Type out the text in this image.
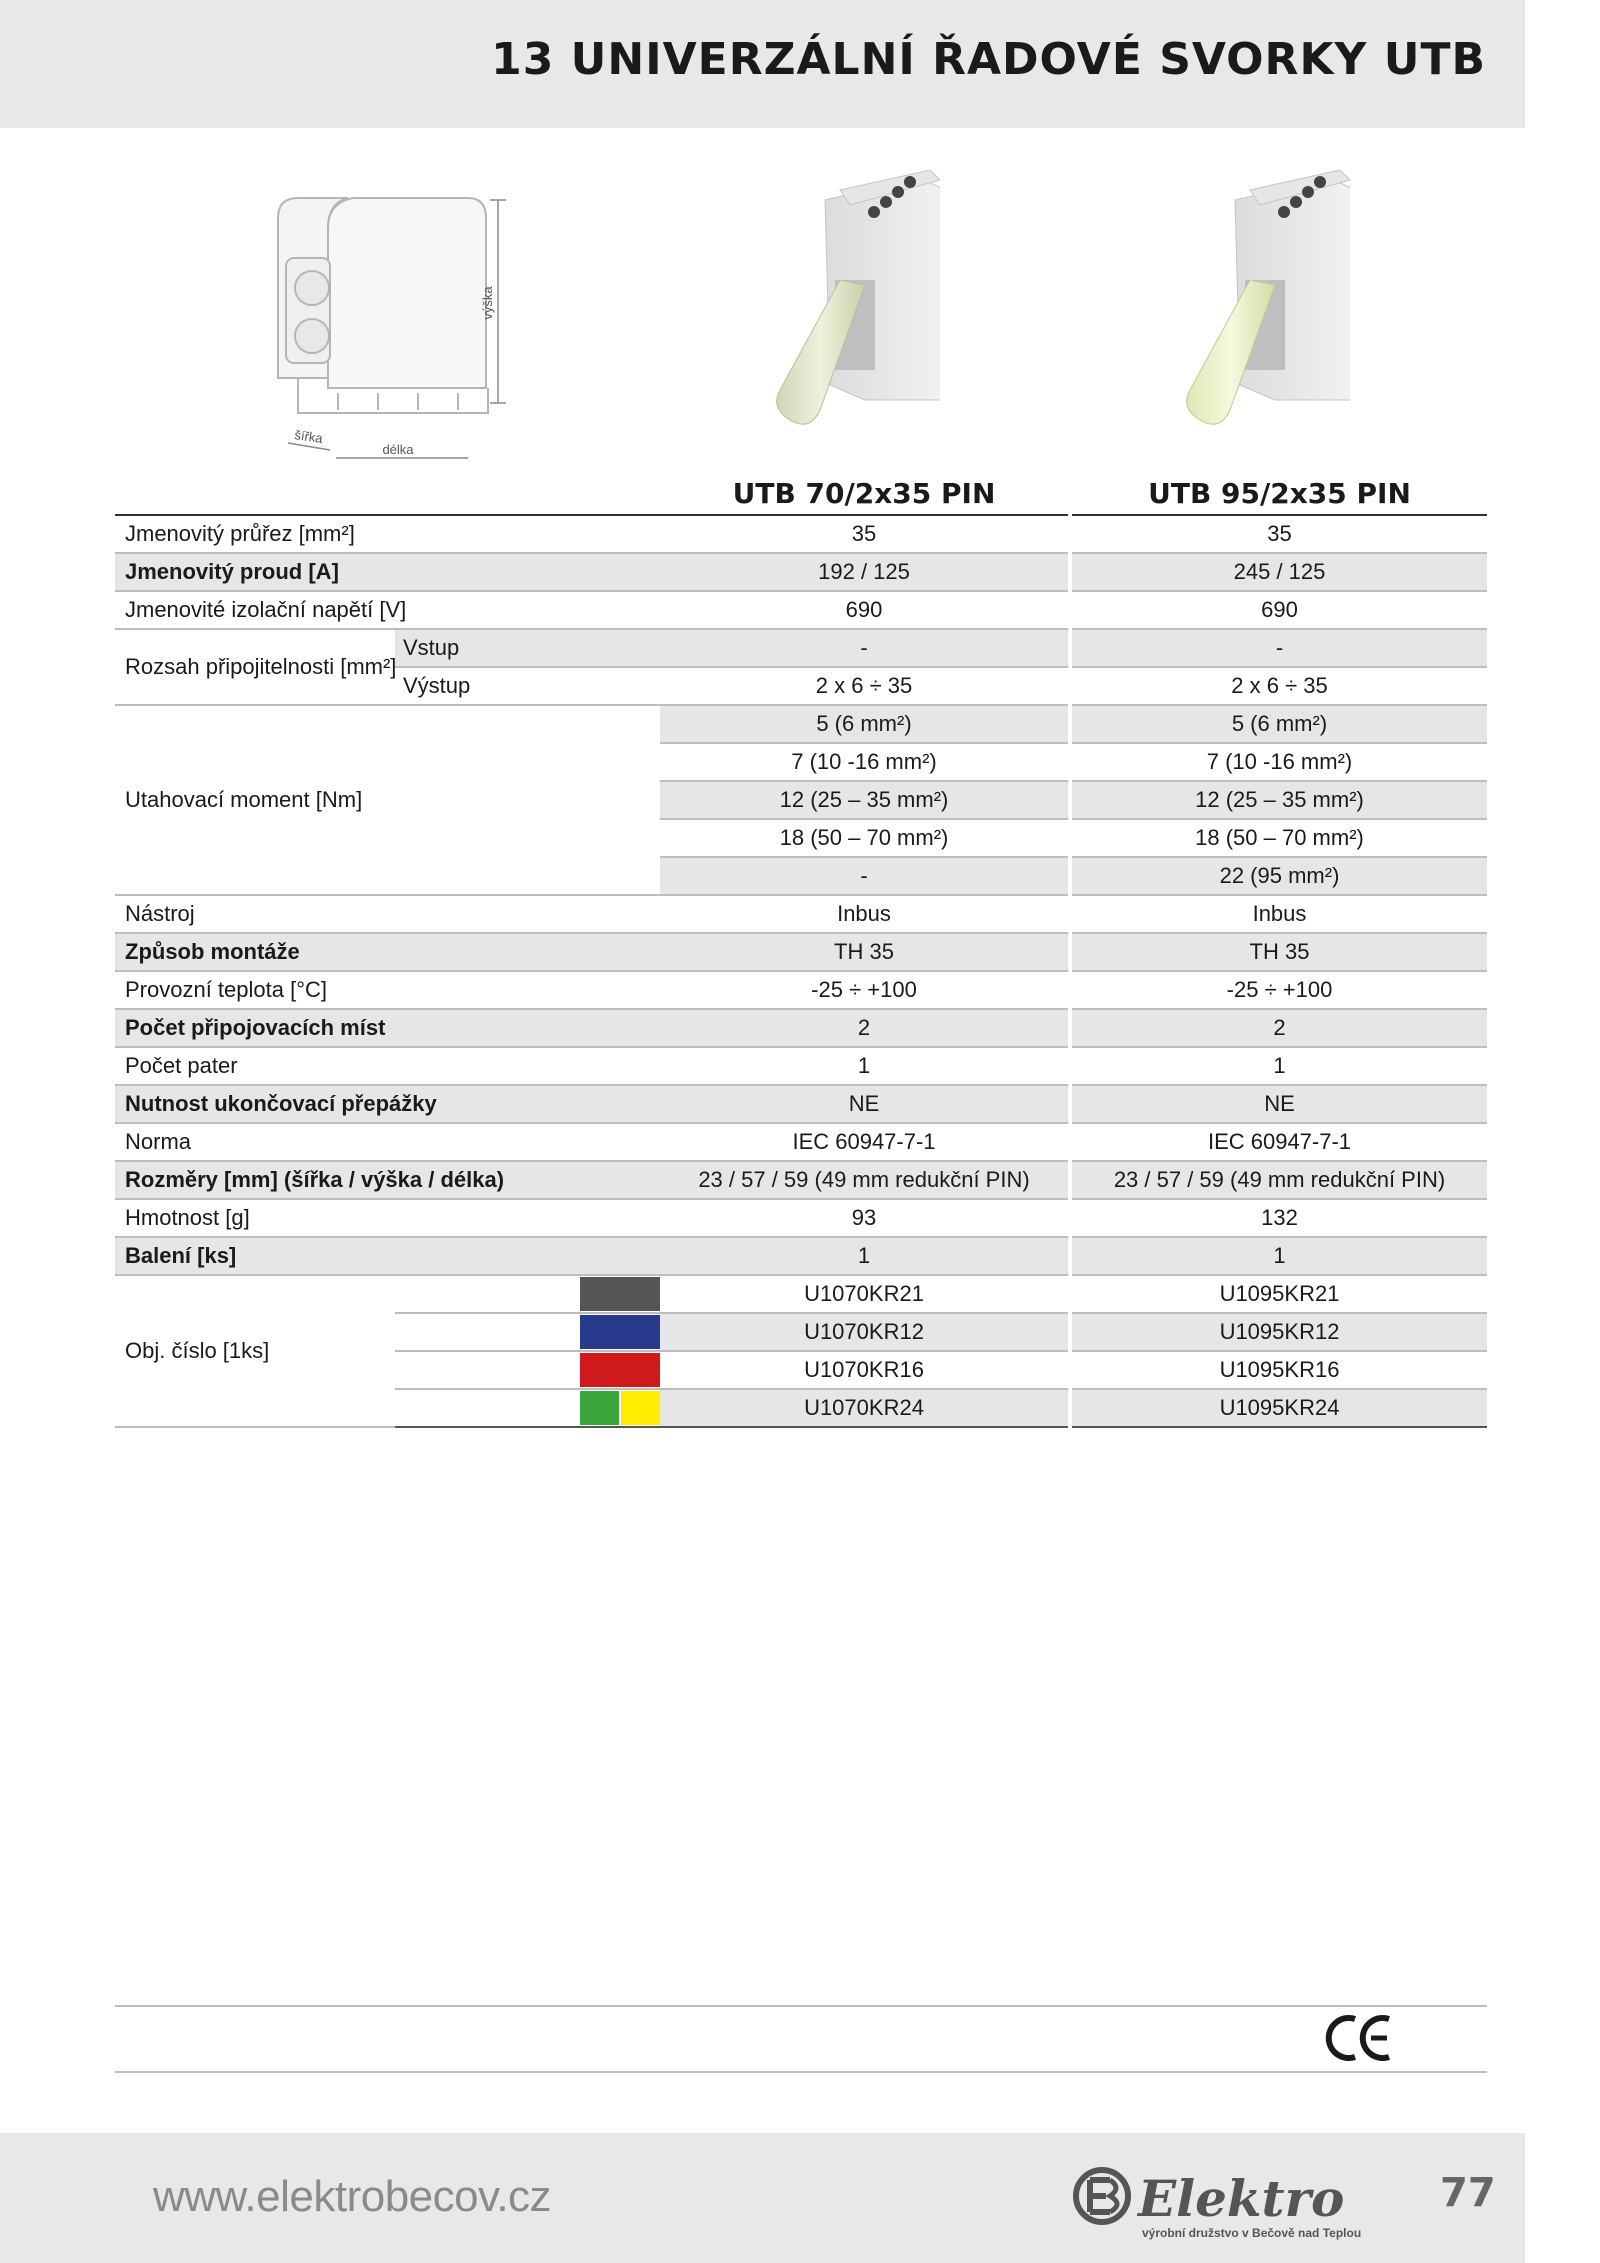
13 UNIVERZÁLNÍ ŘADOVÉ SVORKY UTB
výška
šířka
délka
		UTB 70/2x35 PIN		UTB 95/2x35 PIN
Jmenovitý průřez [mm²]		35		35
Jmenovitý proud [A]		192 / 125		245 / 125
Jmenovité izolační napětí [V]		690		690
Rozsah připojitelnosti [mm²]	Vstup	-		-
	Výstup	2 x 6 ÷ 35		2 x 6 ÷ 35
Utahovací moment [Nm]		5 (6 mm²)		5 (6 mm²)
		7 (10 -16 mm²)		7 (10 -16 mm²)
		12 (25 – 35 mm²)		12 (25 – 35 mm²)
		18 (50 – 70 mm²)		18 (50 – 70 mm²)
		-		22 (95 mm²)
Nástroj		Inbus		Inbus
Způsob montáže		TH 35		TH 35
Provozní teplota [°C]		-25 ÷ +100		-25 ÷ +100
Počet připojovacích míst		2		2
Počet pater		1		1
Nutnost ukončovací přepážky		NE		NE
Norma		IEC 60947-7-1		IEC 60947-7-1
Rozměry [mm] (šířka / výška / délka)		23 / 57 / 59 (49 mm redukční PIN)		23 / 57 / 59 (49 mm redukční PIN)
Hmotnost [g]		93		132
Balení [ks]		1		1
Obj. číslo [1ks]		U1070KR21		U1095KR21

		U1070KR12		U1095KR12

		U1070KR16		U1095KR16

		U1070KR24		U1095KR24
www.elektrobecov.cz	Elektro
výrobní družstvo v Bečově nad Teplou
77
